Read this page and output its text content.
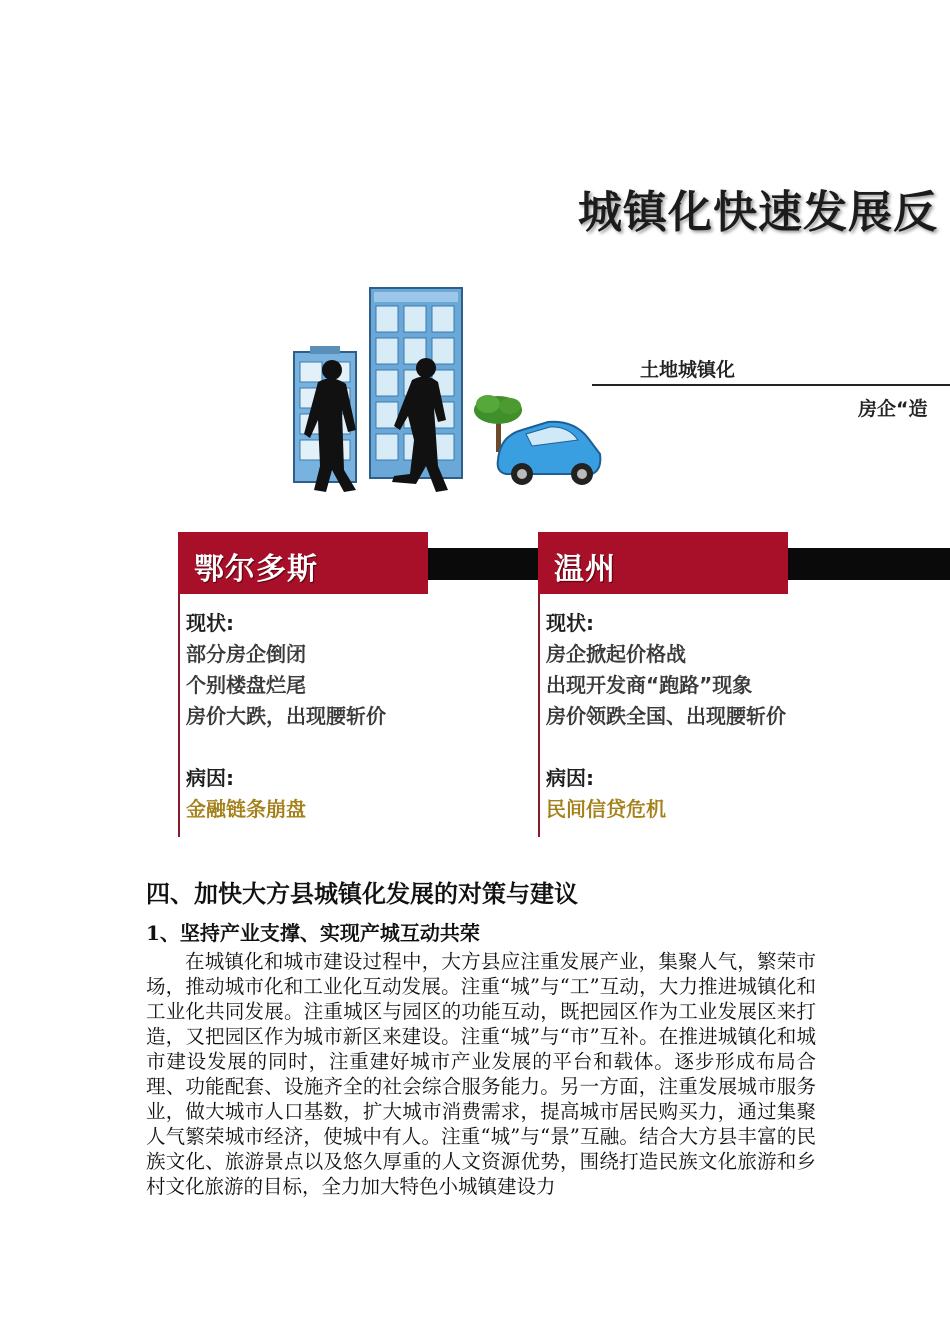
城镇化快速发展反
土地城镇化
房企“造
鄂尔多斯
现状:
部分房企倒闭
个别楼盘烂尾
房价大跌，出现腰斩价
病因:
金融链条崩盘
温州
现状:
房企掀起价格战
出现开发商“跑路”现象
房价领跌全国、出现腰斩价
病因:
民间信贷危机
四、加快大方县城镇化发展的对策与建议
1、坚持产业支撑、实现产城互动共荣

在城镇化和城市建设过程中，大方县应注重发展产业，集聚人气，繁荣市场，推动城市化和工业化互动发展。注重“城”与“工”互动，大力推进城镇化和工业化共同发展。注重城区与园区的功能互动，既把园区作为工业发展区来打造，又把园区作为城市新区来建设。注重“城”与“市”互补。在推进城镇化和城市建设发展的同时，注重建好城市产业发展的平台和载体。逐步形成布局合理、功能配套、设施齐全的社会综合服务能力。另一方面，注重发展城市服务业，做大城市人口基数，扩大城市消费需求，提高城市居民购买力，通过集聚人气繁荣城市经济，使城中有人。注重“城”与“景”互融。结合大方县丰富的民族文化、旅游景点以及悠久厚重的人文资源优势，围绕打造民族文化旅游和乡村文化旅游的目标，全力加大特色小城镇建设力
